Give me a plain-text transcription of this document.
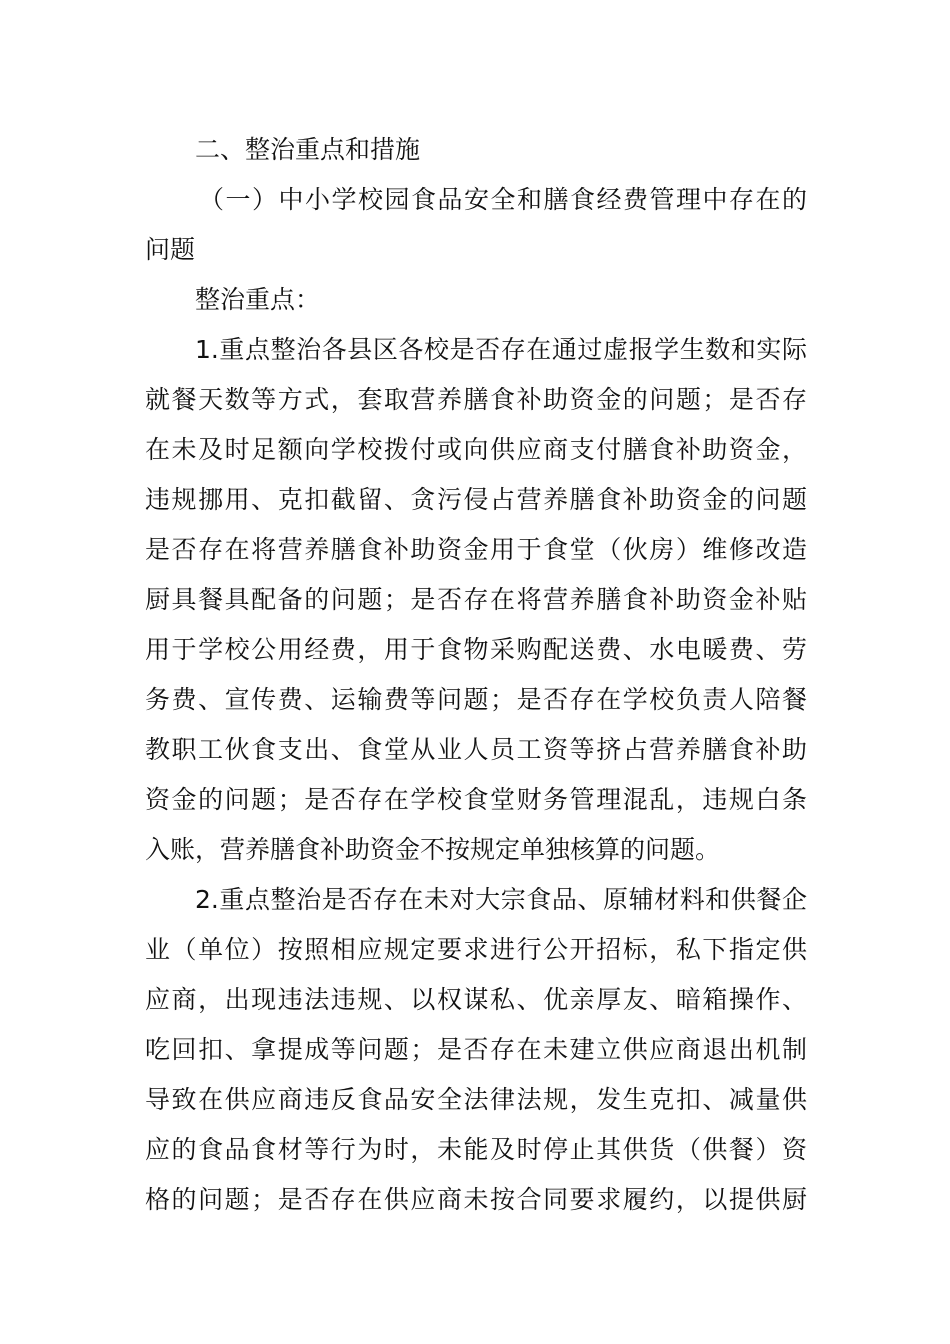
二、整治重点和措施
（一）中小学校园食品安全和膳食经费管理中存在的
问题
整治重点：
1.重点整治各县区各校是否存在通过虚报学生数和实际
就餐天数等方式，套取营养膳食补助资金的问题；是否存
在未及时足额向学校拨付或向供应商支付膳食补助资金，
违规挪用、克扣截留、贪污侵占营养膳食补助资金的问题
是否存在将营养膳食补助资金用于食堂（伙房）维修改造
厨具餐具配备的问题；是否存在将营养膳食补助资金补贴
用于学校公用经费，用于食物采购配送费、水电暖费、劳
务费、宣传费、运输费等问题；是否存在学校负责人陪餐
教职工伙食支出、食堂从业人员工资等挤占营养膳食补助
资金的问题；是否存在学校食堂财务管理混乱，违规白条
入账，营养膳食补助资金不按规定单独核算的问题。
2.重点整治是否存在未对大宗食品、原辅材料和供餐企
业（单位）按照相应规定要求进行公开招标，私下指定供
应商，出现违法违规、以权谋私、优亲厚友、暗箱操作、
吃回扣、拿提成等问题；是否存在未建立供应商退出机制
导致在供应商违反食品安全法律法规，发生克扣、减量供
应的食品食材等行为时，未能及时停止其供货（供餐）资
格的问题；是否存在供应商未按合同要求履约，以提供厨
